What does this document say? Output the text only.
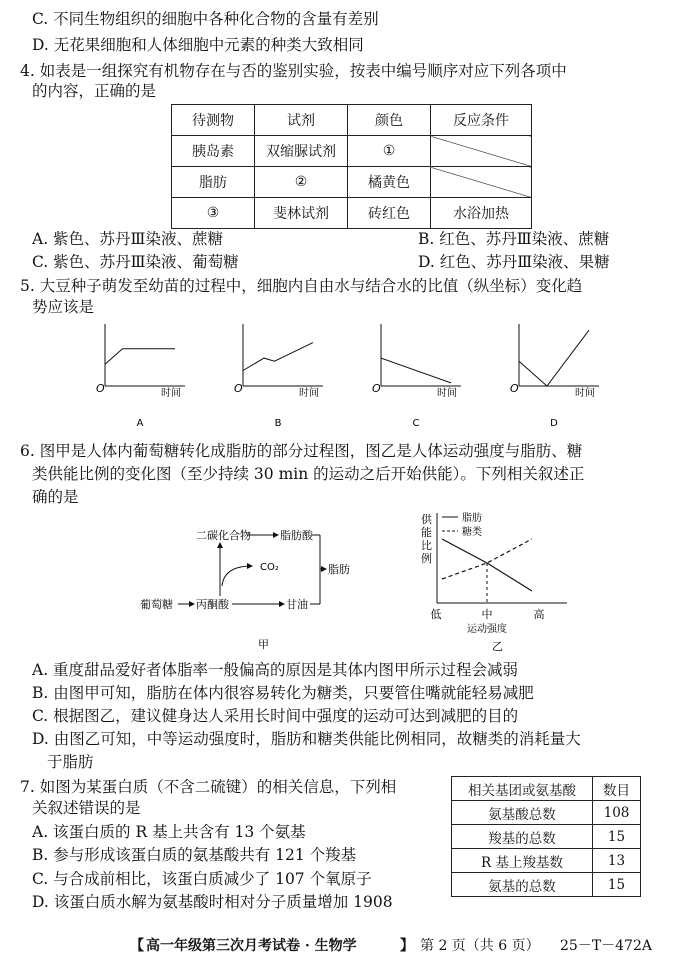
C. 不同生物组织的细胞中各种化合物的含量有差别
D. 无花果细胞和人体细胞中元素的种类大致相同
4. 如表是一组探究有机物存在与否的鉴别实验，按表中编号顺序对应下列各项中
的内容，正确的是
待测物	试剂	颜色	反应条件
胰岛素	双缩脲试剂	①	
脂肪	②	橘黄色	
③	斐林试剂	砖红色	水浴加热
A. 紫色、苏丹Ⅲ染液、蔗糖	B. 红色、苏丹Ⅲ染液、蔗糖
C. 紫色、苏丹Ⅲ染液、葡萄糖	D. 红色、苏丹Ⅲ染液、果糖
5. 大豆种子萌发至幼苗的过程中，细胞内自由水与结合水的比值（纵坐标）变化趋
势应该是
O	时间
A
O	时间
B
O	时间
C
O	时间
D
6. 图甲是人体内葡萄糖转化成脂肪的部分过程图，图乙是人体运动强度与脂肪、糖
类供能比例的变化图（至少持续 30 min 的运动之后开始供能）。下列相关叙述正
确的是
二碳化合物	脂肪酸
CO₂	脂肪
葡萄糖 丙酮酸	甘油
甲
供
能
比
例
脂肪
糖类
低	中	高
运动强度
乙
A. 重度甜品爱好者体脂率一般偏高的原因是其体内图甲所示过程会减弱
B. 由图甲可知，脂肪在体内很容易转化为糖类，只要管住嘴就能轻易减肥
C. 根据图乙，建议健身达人采用长时间中强度的运动可达到减肥的目的
D. 由图乙可知，中等运动强度时，脂肪和糖类供能比例相同，故糖类的消耗量大
于脂肪
7. 如图为某蛋白质（不含二硫键）的相关信息，下列相
关叙述错误的是
A. 该蛋白质的 R 基上共含有 13 个氨基
B. 参与形成该蛋白质的氨基酸共有 121 个羧基
C. 与合成前相比，该蛋白质减少了 107 个氧原子
D. 该蛋白质水解为氨基酸时相对分子质量增加 1908
相关基团或氨基酸	数目
氨基酸总数	108
羧基的总数	15
R 基上羧基数	13
氨基的总数	15
【 高一年级第三次月考试卷 · 生物学	】 第 2 页（共 6 页） 25－T－472A
